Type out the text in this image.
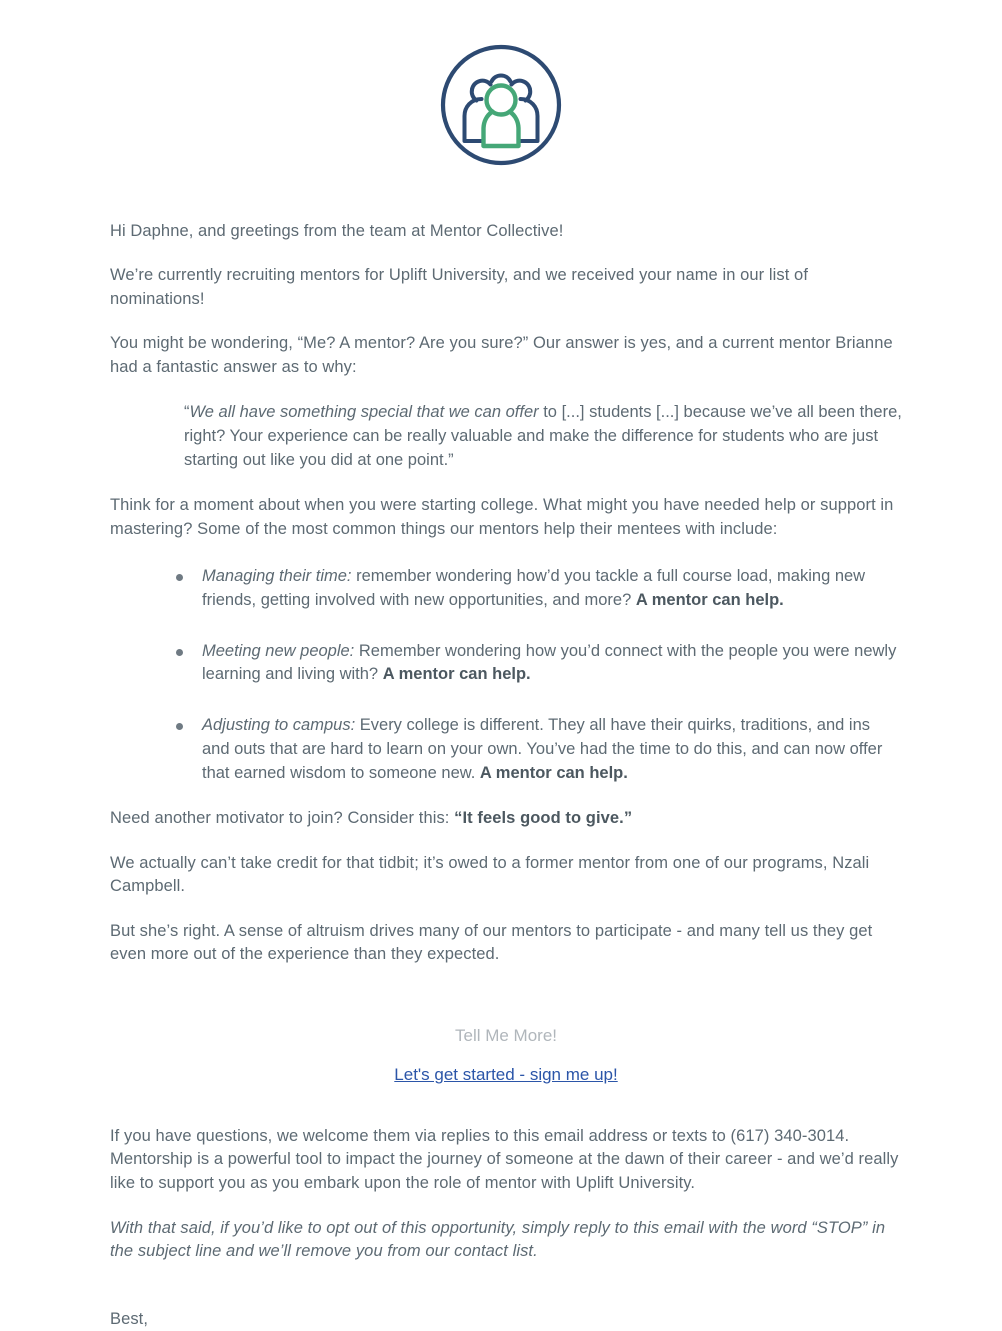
Hi Daphne, and greetings from the team at Mentor Collective!

We’re currently recruiting mentors for Uplift University, and we received your name in our list of nominations!

You might be wondering, “Me? A mentor? Are you sure?” Our answer is yes, and a current mentor Brianne had a fantastic answer as to why:

“We all have something special that we can offer to [...] students [...] because we’ve all been there, right? Your experience can be really valuable and make the difference for students who are just starting out like you did at one point.”

Think for a moment about when you were starting college. What might you have needed help or support in mastering? Some of the most common things our mentors help their mentees with include:

Managing their time: remember wondering how’d you tackle a full course load, making new friends, getting involved with new opportunities, and more? A mentor can help.
Meeting new people: Remember wondering how you’d connect with the people you were newly learning and living with? A mentor can help.
Adjusting to campus: Every college is different. They all have their quirks, traditions, and ins and outs that are hard to learn on your own. You’ve had the time to do this, and can now offer that earned wisdom to someone new. A mentor can help.

Need another motivator to join? Consider this: “It feels good to give.”

We actually can’t take credit for that tidbit; it’s owed to a former mentor from one of our programs, Nzali Campbell.

But she’s right. A sense of altruism drives many of our mentors to participate - and many tell us they get even more out of the experience than they expected.

Tell Me More!
Let's get started - sign me up!

If you have questions, we welcome them via replies to this email address or texts to (617) 340-3014. Mentorship is a powerful tool to impact the journey of someone at the dawn of their career - and we’d really like to support you as you embark upon the role of mentor with Uplift University.

With that said, if you’d like to opt out of this opportunity, simply reply to this email with the word “STOP” in the subject line and we’ll remove you from our contact list.

Best,
